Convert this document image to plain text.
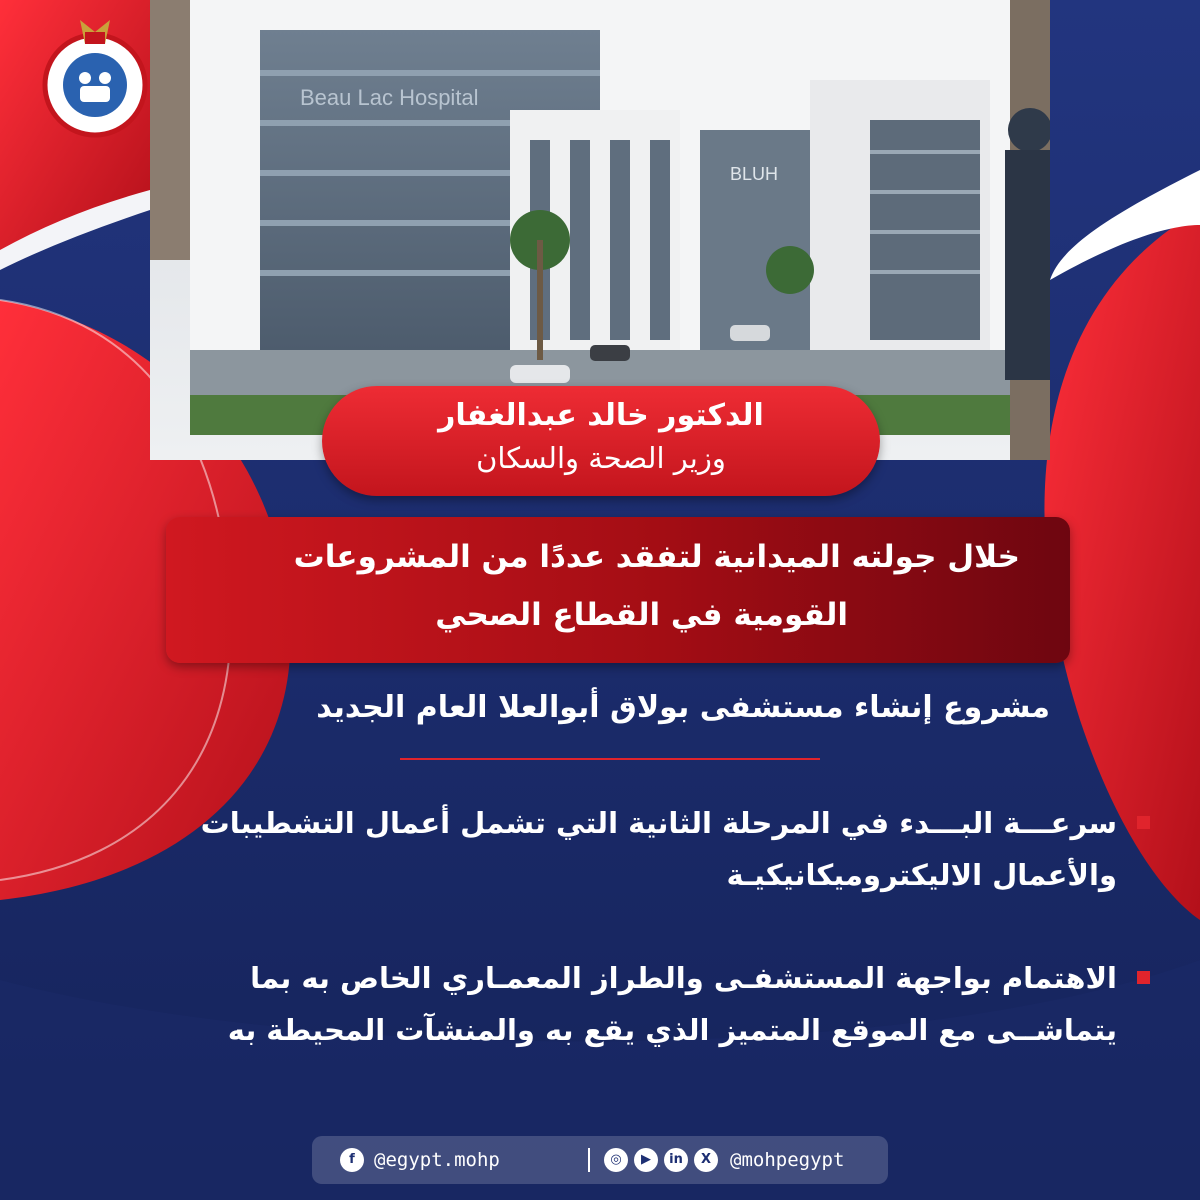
Beau Lac Hospital
BLUH
الدكتور خالد عبدالغفار
وزير الصحة والسكان
خلال جولته الميدانية لتفقد عددًا من المشروعات
القومية في القطاع الصحي
مشروع إنشاء مستشفى بولاق أبوالعلا العام الجديد
سرعـــة البـــدء في المرحلة الثانية التي تشمل أعمال التشطيبات
والأعمال الاليكتروميكانيكيـة
الاهتمام بواجهة المستشفـى والطراز المعمـاري الخاص به بما
يتماشــى مع الموقع المتميز الذي يقع به والمنشآت المحيطة به
f	@egypt.mohp	◎	▶	in	X @mohpegypt
